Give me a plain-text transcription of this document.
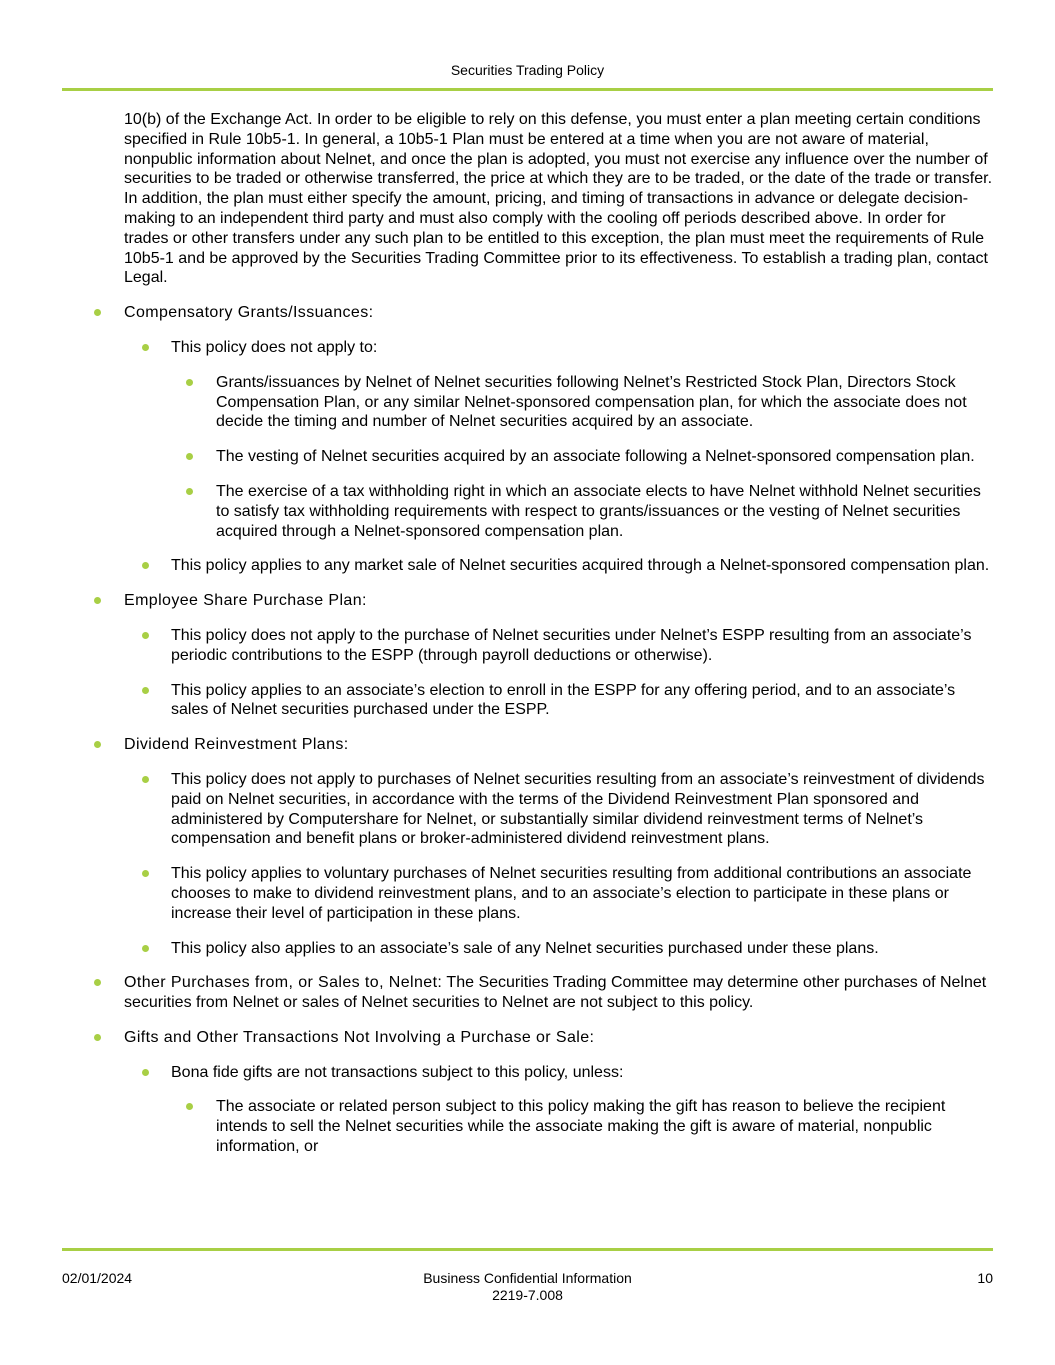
Securities Trading Policy

10(b) of the Exchange Act. In order to be eligible to rely on this defense, you must enter a plan meeting certain conditions specified in Rule 10b5-1. In general, a 10b5-1 Plan must be entered at a time when you are not aware of material, nonpublic information about Nelnet, and once the plan is adopted, you must not exercise any influence over the number of securities to be traded or otherwise transferred, the price at which they are to be traded, or the date of the trade or transfer. In addition, the plan must either specify the amount, pricing, and timing of transactions in advance or delegate decision-making to an independent third party and must also comply with the cooling off periods described above. In order for trades or other transfers under any such plan to be entitled to this exception, the plan must meet the requirements of Rule 10b5-1 and be approved by the Securities Trading Committee prior to its effectiveness. To establish a trading plan, contact Legal.

Compensatory Grants/Issuances:
This policy does not apply to:
Grants/issuances by Nelnet of Nelnet securities following Nelnet’s Restricted Stock Plan, Directors Stock Compensation Plan, or any similar Nelnet-sponsored compensation plan, for which the associate does not decide the timing and number of Nelnet securities acquired by an associate.
The vesting of Nelnet securities acquired by an associate following a Nelnet-sponsored compensation plan.
The exercise of a tax withholding right in which an associate elects to have Nelnet withhold Nelnet securities to satisfy tax withholding requirements with respect to grants/issuances or the vesting of Nelnet securities acquired through a Nelnet-sponsored compensation plan.
This policy applies to any market sale of Nelnet securities acquired through a Nelnet-sponsored compensation plan.
Employee Share Purchase Plan:
This policy does not apply to the purchase of Nelnet securities under Nelnet’s ESPP resulting from an associate’s periodic contributions to the ESPP (through payroll deductions or otherwise).
This policy applies to an associate’s election to enroll in the ESPP for any offering period, and to an associate’s sales of Nelnet securities purchased under the ESPP.
Dividend Reinvestment Plans:
This policy does not apply to purchases of Nelnet securities resulting from an associate’s reinvestment of dividends paid on Nelnet securities, in accordance with the terms of the Dividend Reinvestment Plan sponsored and administered by Computershare for Nelnet, or substantially similar dividend reinvestment terms of Nelnet’s compensation and benefit plans or broker-administered dividend reinvestment plans.
This policy applies to voluntary purchases of Nelnet securities resulting from additional contributions an associate chooses to make to dividend reinvestment plans, and to an associate’s election to participate in these plans or increase their level of participation in these plans.
This policy also applies to an associate’s sale of any Nelnet securities purchased under these plans.
Other Purchases from, or Sales to, Nelnet: The Securities Trading Committee may determine other purchases of Nelnet securities from Nelnet or sales of Nelnet securities to Nelnet are not subject to this policy.
Gifts and Other Transactions Not Involving a Purchase or Sale:
Bona fide gifts are not transactions subject to this policy, unless:
The associate or related person subject to this policy making the gift has reason to believe the recipient intends to sell the Nelnet securities while the associate making the gift is aware of material, nonpublic information, or
02/01/2024	Business Confidential Information
2219-7.008
10
